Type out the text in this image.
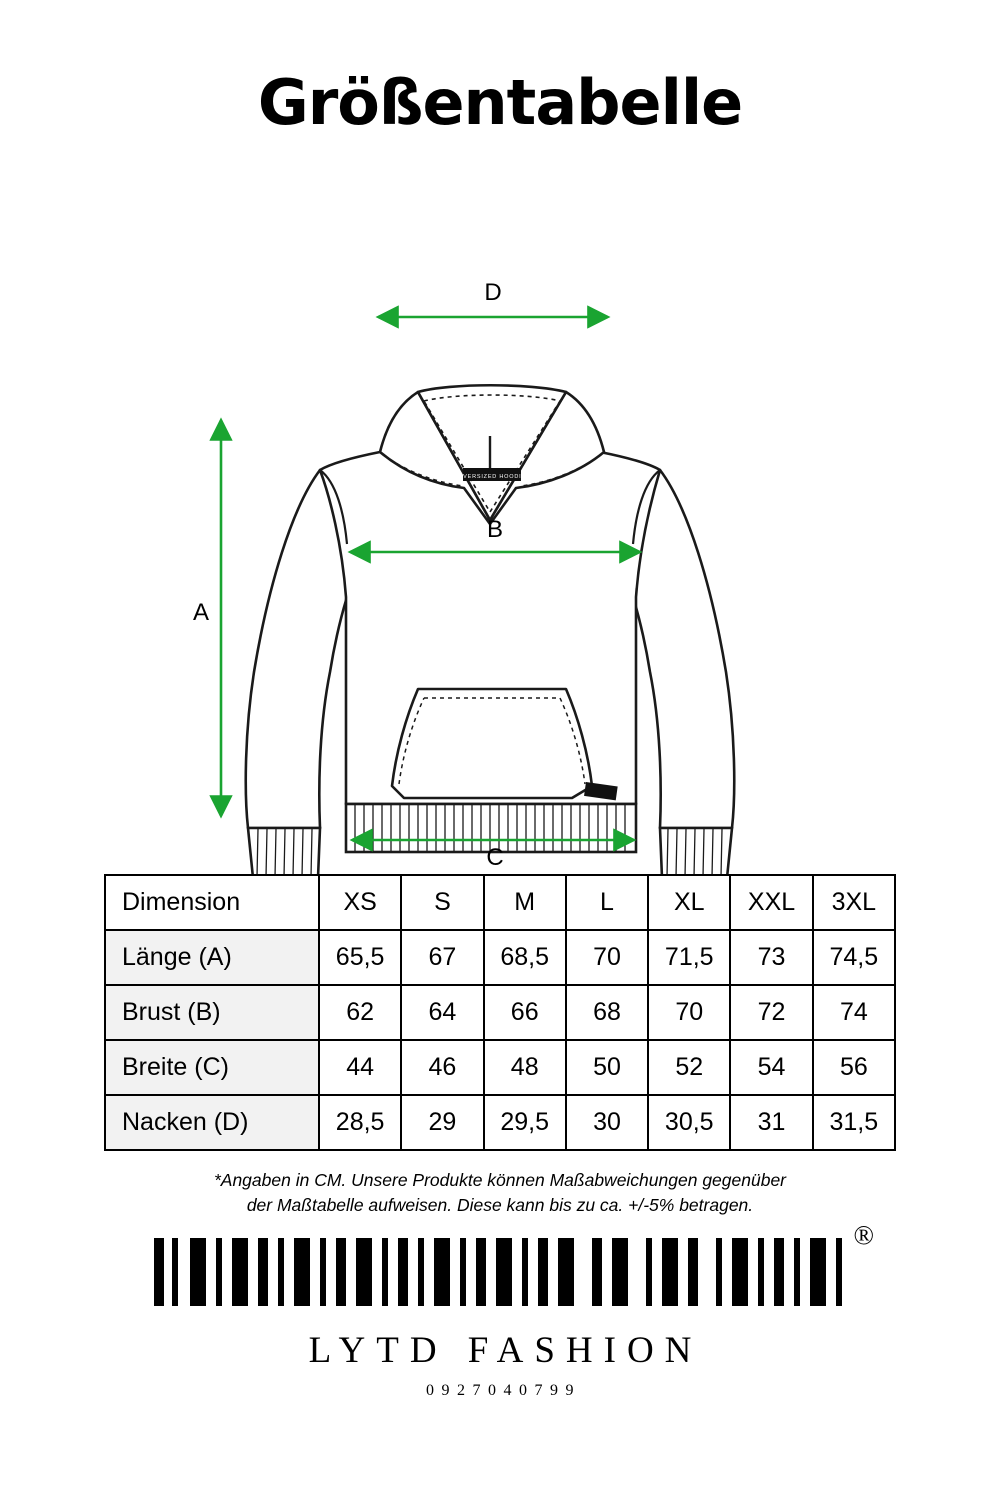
Größentabelle
OVERSIZED HOODIE
D
B
C
A
Dimension	XS	S	M	L	XL	XXL	3XL
Länge (A)	65,5	67	68,5	70	71,5	73	74,5
Brust (B)	62	64	66	68	70	72	74
Breite (C)	44	46	48	50	52	54	56
Nacken (D)	28,5	29	29,5	30	30,5	31	31,5
*Angaben in CM. Unsere Produkte können Maßabweichungen gegenüber
der Maßtabelle aufweisen. Diese kann bis zu ca. +/-5% betragen.
®
LYTD FASHION
0927040799
